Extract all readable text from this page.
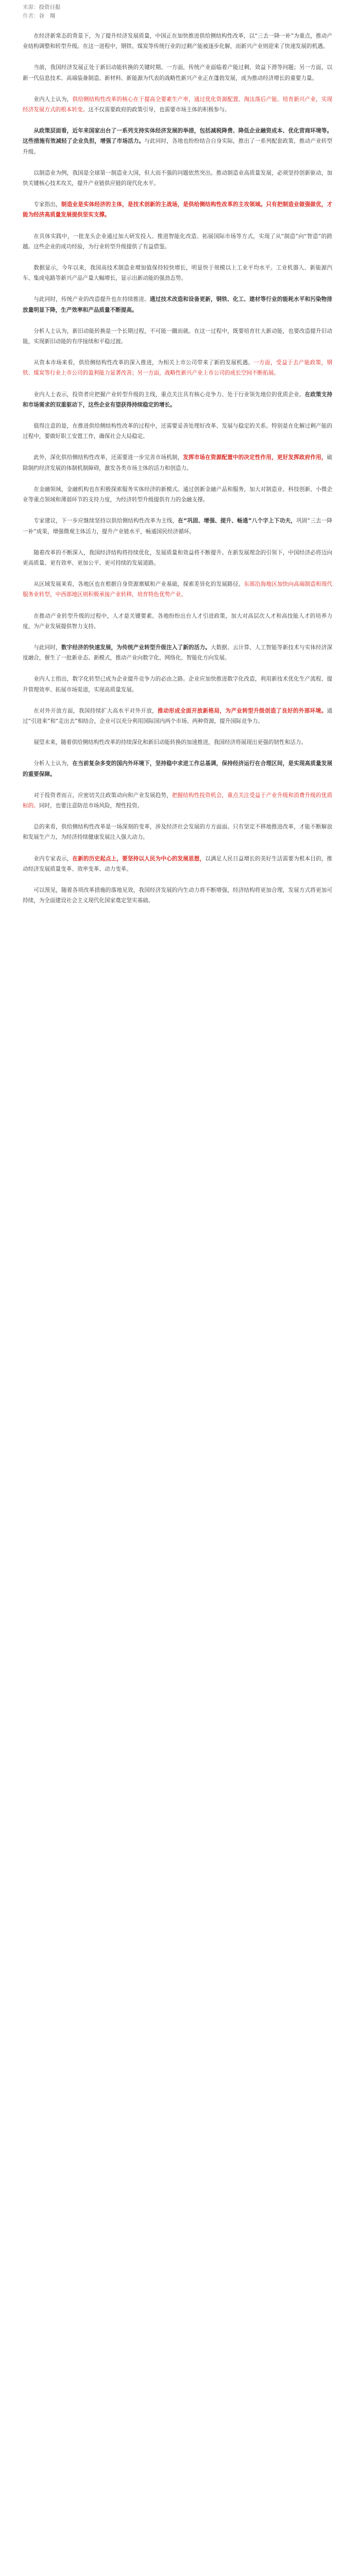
来源：投资日报
作者：谷　翔

在经济新常态的背景下，为了提升经济发展质量，中国正在加快推进供给侧结构性改革，以“三去一降一补”为重点，推动产业结构调整和转型升级。在这一进程中，钢铁、煤炭等传统行业的过剩产能被逐步化解，而新兴产业则迎来了快速发展的机遇。

当前，我国经济发展正处于新旧动能转换的关键时期。一方面，传统产业面临着产能过剩、效益下滑等问题；另一方面，以新一代信息技术、高端装备制造、新材料、新能源为代表的战略性新兴产业正在蓬勃发展，成为推动经济增长的重要力量。

业内人士认为，供给侧结构性改革的核心在于提高全要素生产率，通过优化资源配置、淘汰落后产能、培育新兴产业，实现经济发展方式的根本转变。这不仅需要政府的政策引导，也需要市场主体的积极参与。

从政策层面看，近年来国家出台了一系列支持实体经济发展的举措，包括减税降费、降低企业融资成本、优化营商环境等。这些措施有效减轻了企业负担，增强了市场活力。与此同时，各地也纷纷结合自身实际，推出了一系列配套政策，推动产业转型升级。

以制造业为例，我国是全球第一制造业大国，但大而不强的问题依然突出。推动制造业高质量发展，必须坚持创新驱动，加快关键核心技术攻关，提升产业链供应链的现代化水平。

专家指出，制造业是实体经济的主体，是技术创新的主战场，是供给侧结构性改革的主攻领域。只有把制造业做强做优，才能为经济高质量发展提供坚实支撑。

在具体实践中，一批龙头企业通过加大研发投入、推进智能化改造、拓展国际市场等方式，实现了从“制造”向“智造”的跨越。这些企业的成功经验，为行业转型升级提供了有益借鉴。

数据显示，今年以来，我国高技术制造业增加值保持较快增长，明显快于规模以上工业平均水平。工业机器人、新能源汽车、集成电路等新兴产品产量大幅增长，显示出新动能的强劲态势。

与此同时，传统产业的改造提升也在持续推进。通过技术改造和设备更新，钢铁、化工、建材等行业的能耗水平和污染物排放量明显下降，生产效率和产品质量不断提高。

分析人士认为，新旧动能转换是一个长期过程，不可能一蹴而就。在这一过程中，既要培育壮大新动能，也要改造提升旧动能，实现新旧动能的有序接续和平稳过渡。

从资本市场来看，供给侧结构性改革的深入推进，为相关上市公司带来了新的发展机遇。一方面，受益于去产能政策，钢铁、煤炭等行业上市公司的盈利能力显著改善；另一方面，战略性新兴产业上市公司的成长空间不断拓展。

业内人士表示，投资者应把握产业转型升级的主线，重点关注具有核心竞争力、处于行业领先地位的优质企业。在政策支持和市场需求的双重驱动下，这些企业有望获得持续稳定的增长。

值得注意的是，在推进供给侧结构性改革的过程中，还需要妥善处理好改革、发展与稳定的关系。特别是在化解过剩产能的过程中，要做好职工安置工作，确保社会大局稳定。

此外，深化供给侧结构性改革，还需要进一步完善市场机制，发挥市场在资源配置中的决定性作用，更好发挥政府作用，破除制约经济发展的体制机制障碍，激发各类市场主体的活力和创造力。

在金融领域，金融机构也在积极探索服务实体经济的新模式。通过创新金融产品和服务，加大对制造业、科技创新、小微企业等重点领域和薄弱环节的支持力度，为经济转型升级提供有力的金融支撑。

专家建议，下一步应继续坚持以供给侧结构性改革为主线，在“巩固、增强、提升、畅通”八个字上下功夫，巩固“三去一降一补”成果，增强微观主体活力，提升产业链水平，畅通国民经济循环。

随着改革的不断深入，我国经济结构将持续优化，发展质量和效益将不断提升。在新发展理念的引领下，中国经济必将迈向更高质量、更有效率、更加公平、更可持续的发展道路。

从区域发展来看，各地区也在根据自身资源禀赋和产业基础，探索差异化的发展路径。东部沿海地区加快向高端制造和现代服务业转型，中西部地区则积极承接产业转移，培育特色优势产业。

在推动产业转型升级的过程中，人才是关键要素。各地纷纷出台人才引进政策，加大对高层次人才和高技能人才的培养力度，为产业发展提供智力支持。

与此同时，数字经济的快速发展，为传统产业转型升级注入了新的活力。大数据、云计算、人工智能等新技术与实体经济深度融合，催生了一批新业态、新模式，推动产业向数字化、网络化、智能化方向发展。

业内人士指出，数字化转型已成为企业提升竞争力的必由之路。企业应加快推进数字化改造，利用新技术优化生产流程、提升管理效率、拓展市场渠道，实现高质量发展。

在对外开放方面，我国持续扩大高水平对外开放，推动形成全面开放新格局，为产业转型升级创造了良好的外部环境。通过“引进来”和“走出去”相结合，企业可以充分利用国际国内两个市场、两种资源，提升国际竞争力。

展望未来，随着供给侧结构性改革的持续深化和新旧动能转换的加速推进，我国经济将展现出更强的韧性和活力。

分析人士认为，在当前复杂多变的国内外环境下，坚持稳中求进工作总基调，保持经济运行在合理区间，是实现高质量发展的重要保障。

对于投资者而言，应密切关注政策动向和产业发展趋势，把握结构性投资机会，重点关注受益于产业升级和消费升级的优质标的。同时，也要注意防范市场风险，理性投资。

总的来看，供给侧结构性改革是一场深刻的变革，涉及经济社会发展的方方面面。只有坚定不移地推进改革，才能不断解放和发展生产力，为经济持续健康发展注入强大动力。

业内专家表示，在新的历史起点上，要坚持以人民为中心的发展思想，以满足人民日益增长的美好生活需要为根本目的，推动经济发展质量变革、效率变革、动力变革。

可以预见，随着各项改革措施的落地见效，我国经济发展的内生动力将不断增强，经济结构将更加合理，发展方式将更加可持续，为全面建设社会主义现代化国家奠定坚实基础。
